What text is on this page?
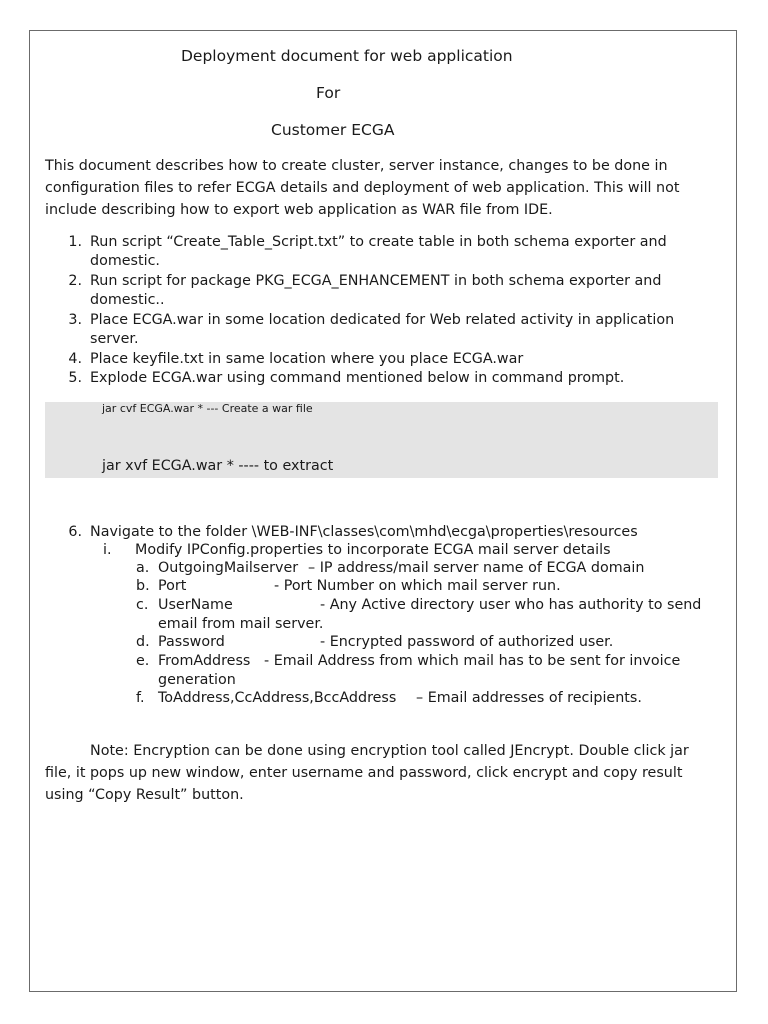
Deployment document for web application
For
Customer ECGA
This document describes how to create cluster, server instance, changes to be done in
configuration files to refer ECGA details and deployment of web application. This will not
include describing how to export web application as WAR file from IDE.
1. Run script “Create_Table_Script.txt” to create table in both schema exporter and
domestic.
2. Run script for package PKG_ECGA_ENHANCEMENT in both schema exporter and
domestic..
3. Place ECGA.war in some location dedicated for Web related activity in application
server.
4. Place keyfile.txt in same location where you place ECGA.war
5. Explode ECGA.war using command mentioned below in command prompt.
jar cvf ECGA.war * --- Create a war file
jar xvf ECGA.war * ---- to extract
6. Navigate to the folder \WEB-INF\classes\com\mhd\ecga\properties\resources
i. Modify IPConfig.properties to incorporate ECGA mail server details
a. OutgoingMailserver – IP address/mail server name of ECGA domain
b. Port	- Port Number on which mail server run.
c. UserName	- Any Active directory user who has authority to send
email from mail server.
d. Password	- Encrypted password of authorized user.
e. FromAddress - Email Address from which mail has to be sent for invoice
generation
f. ToAddress,CcAddress,BccAddress – Email addresses of recipients.
Note: Encryption can be done using encryption tool called JEncrypt. Double click jar
file, it pops up new window, enter username and password, click encrypt and copy result
using “Copy Result” button.
